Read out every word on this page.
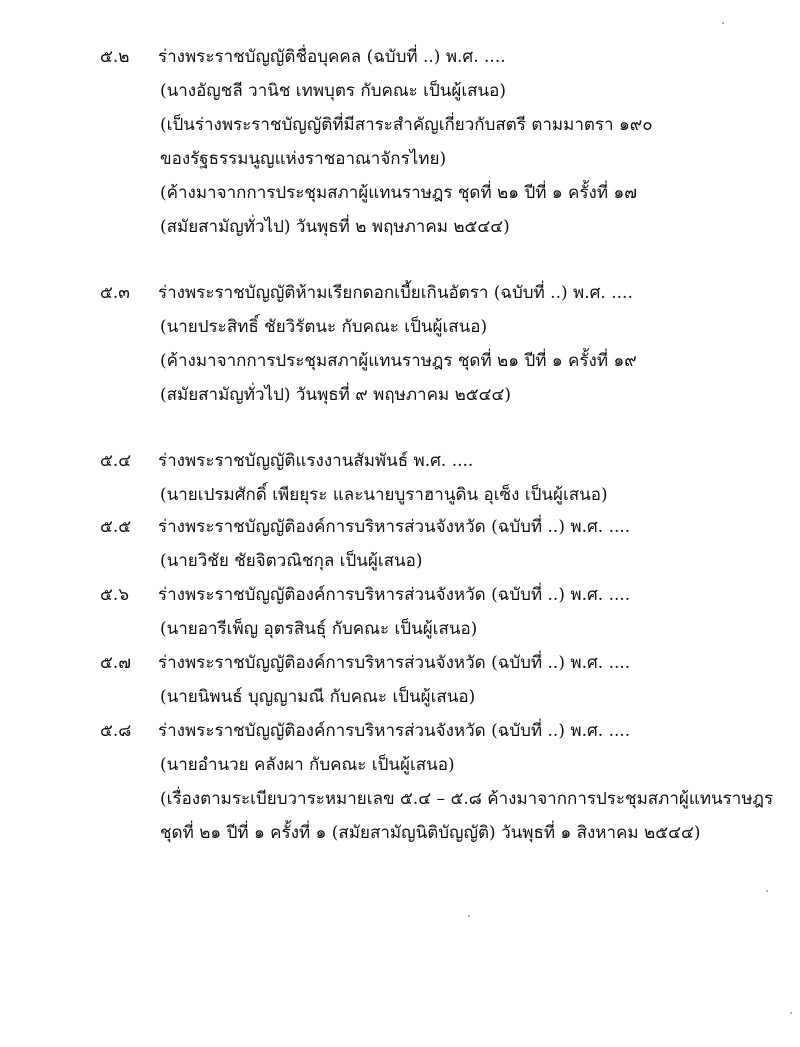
๕.๒ ร่างพระราชบัญญัติชื่อบุคคล (ฉบับที่ ..) พ.ศ. ....
(นางอัญชลี วานิช เทพบุตร กับคณะ เป็นผู้เสนอ)
(เป็นร่างพระราชบัญญัติที่มีสาระสำคัญเกี่ยวกับสตรี ตามมาตรา ๑๙๐
ของรัฐธรรมนูญแห่งราชอาณาจักรไทย)
(ค้างมาจากการประชุมสภาผู้แทนราษฎร ชุดที่ ๒๑ ปีที่ ๑ ครั้งที่ ๑๗
(สมัยสามัญทั่วไป) วันพุธที่ ๒ พฤษภาคม ๒๕๔๔)
๕.๓ ร่างพระราชบัญญัติห้ามเรียกดอกเบี้ยเกินอัตรา (ฉบับที่ ..) พ.ศ. ....
(นายประสิทธิ์ ชัยวิรัตนะ กับคณะ เป็นผู้เสนอ)
(ค้างมาจากการประชุมสภาผู้แทนราษฎร ชุดที่ ๒๑ ปีที่ ๑ ครั้งที่ ๑๙
(สมัยสามัญทั่วไป) วันพุธที่ ๙ พฤษภาคม ๒๕๔๔)
๕.๔ ร่างพระราชบัญญัติแรงงานสัมพันธ์ พ.ศ. ....
(นายเปรมศักดิ์ เพียยุระ และนายบูราฮานูดิน อุเซ็ง เป็นผู้เสนอ)
๕.๕ ร่างพระราชบัญญัติองค์การบริหารส่วนจังหวัด (ฉบับที่ ..) พ.ศ. ....
(นายวิชัย ชัยจิตวณิชกุล เป็นผู้เสนอ)
๕.๖ ร่างพระราชบัญญัติองค์การบริหารส่วนจังหวัด (ฉบับที่ ..) พ.ศ. ....
(นายอารีเพ็ญ อุตรสินธุ์ กับคณะ เป็นผู้เสนอ)
๕.๗ ร่างพระราชบัญญัติองค์การบริหารส่วนจังหวัด (ฉบับที่ ..) พ.ศ. ....
(นายนิพนธ์ บุญญามณี กับคณะ เป็นผู้เสนอ)
๕.๘ ร่างพระราชบัญญัติองค์การบริหารส่วนจังหวัด (ฉบับที่ ..) พ.ศ. ....
(นายอำนวย คลังผา กับคณะ เป็นผู้เสนอ)
(เรื่องตามระเบียบวาระหมายเลข ๕.๔ – ๕.๘ ค้างมาจากการประชุมสภาผู้แทนราษฎร
ชุดที่ ๒๑ ปีที่ ๑ ครั้งที่ ๑ (สมัยสามัญนิติบัญญัติ) วันพุธที่ ๑ สิงหาคม ๒๕๔๔)
